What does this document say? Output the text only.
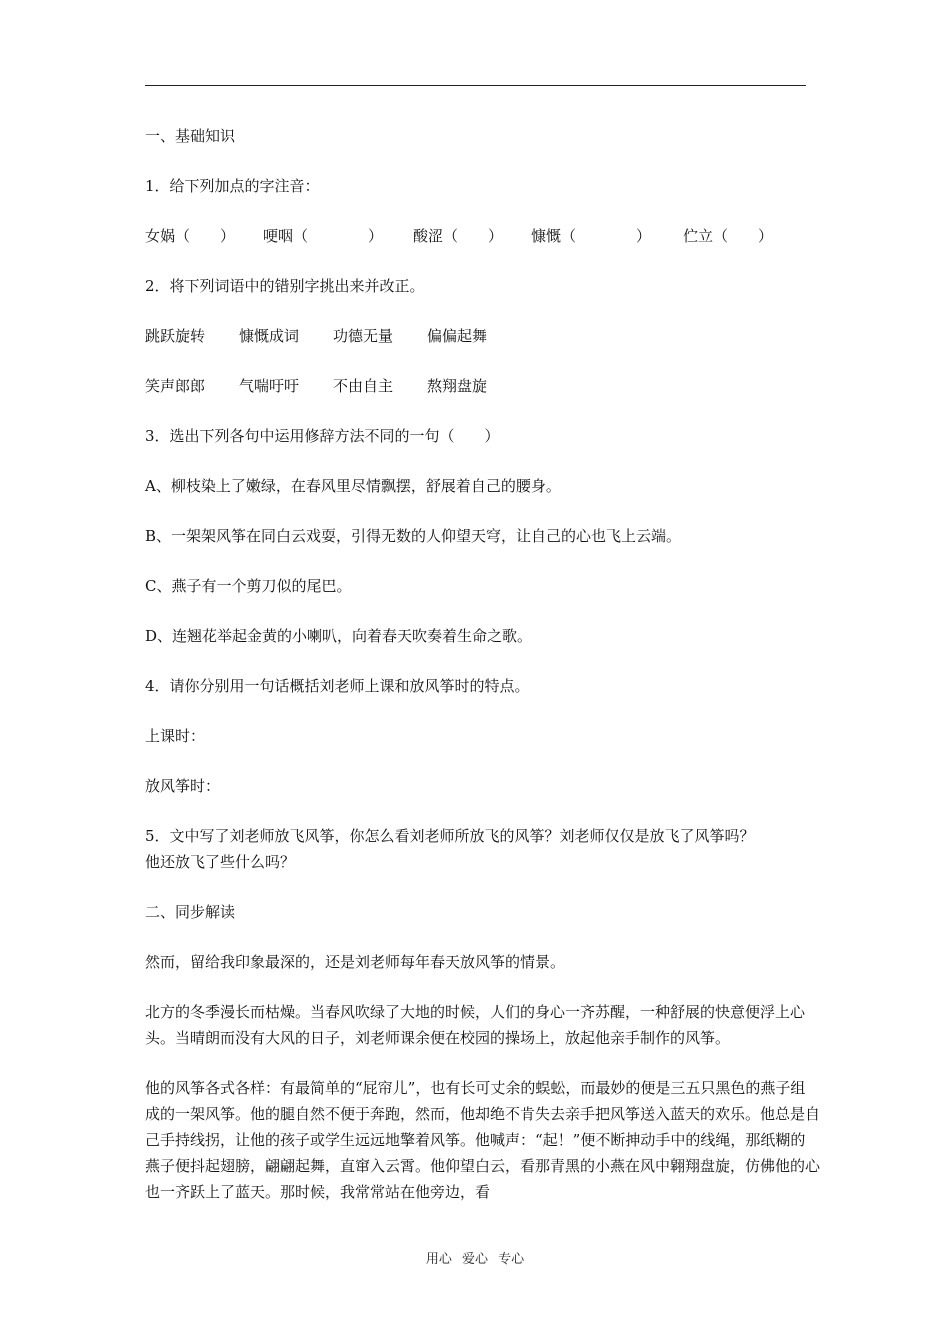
一、基础知识

1．给下列加点的字注音：

女娲（　　）	哽咽（　　　　）	酸涩（　　）	慷慨（　　　　）	伫立（　　）

2．将下列词语中的错别字挑出来并改正。

跳跃旋转 慷慨成词 功德无量 偏偏起舞
笑声郎郎 气喘吁吁 不由自主 熬翔盘旋

3．选出下列各句中运用修辞方法不同的一句（　　）

A、柳枝染上了嫩绿，在春风里尽情飘摆，舒展着自己的腰身。

B、一架架风筝在同白云戏耍，引得无数的人仰望天穹，让自己的心也飞上云端。

C、燕子有一个剪刀似的尾巴。

D、连翘花举起金黄的小喇叭，向着春天吹奏着生命之歌。

4．请你分别用一句话概括刘老师上课和放风筝时的特点。

上课时：

放风筝时：

5．文中写了刘老师放飞风筝，你怎么看刘老师所放飞的风筝？刘老师仅仅是放飞了风筝吗？
他还放飞了些什么吗？

二、同步解读

然而，留给我印象最深的，还是刘老师每年春天放风筝的情景。

北方的冬季漫长而枯燥。当春风吹绿了大地的时候，人们的身心一齐苏醒，一种舒展的快意便浮上心头。当晴朗而没有大风的日子，刘老师课余便在校园的操场上，放起他亲手制作的风筝。

他的风筝各式各样：有最简单的“屁帘儿”，也有长可丈余的蜈蚣，而最妙的便是三五只黑色的燕子组成的一架风筝。他的腿自然不便于奔跑，然而，他却绝不肯失去亲手把风筝送入蓝天的欢乐。他总是自己手持线拐，让他的孩子或学生远远地擎着风筝。他喊声：“起！”便不断抻动手中的线绳，那纸糊的燕子便抖起翅膀，翩翩起舞，直窜入云霄。他仰望白云，看那青黑的小燕在风中翱翔盘旋，仿佛他的心也一齐跃上了蓝天。那时候，我常常站在他旁边，看

用心 爱心 专心
